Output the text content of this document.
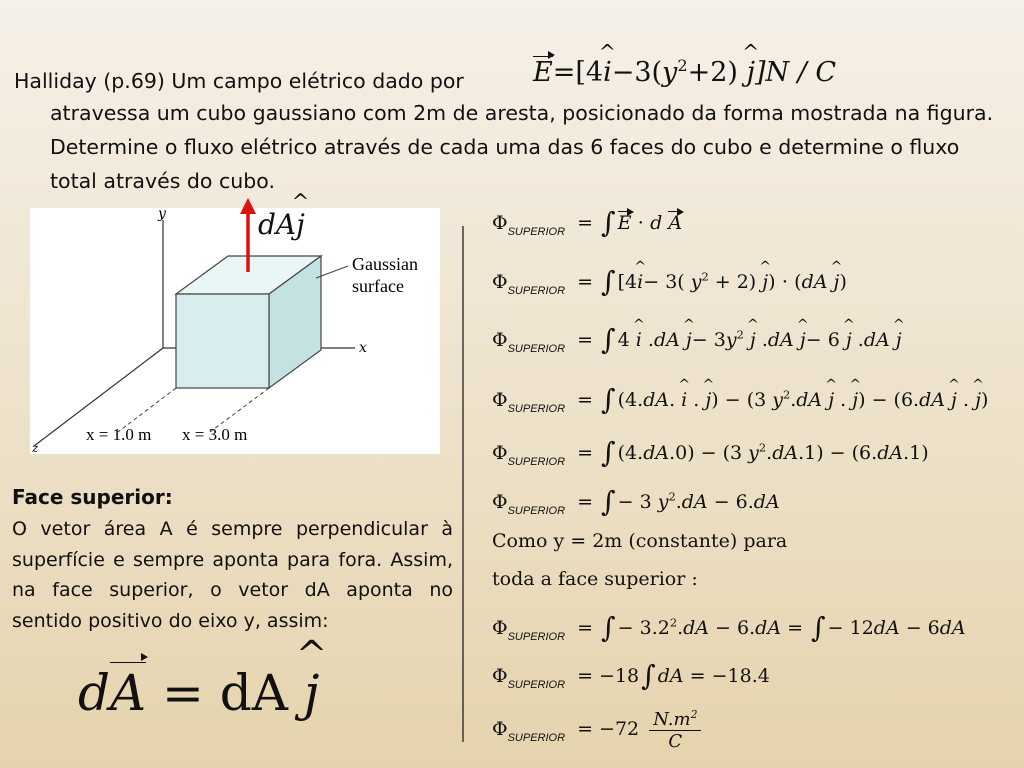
Halliday (p.69) Um campo elétrico dado por
atravessa um cubo gaussiano com 2m de aresta, posicionado da forma mostrada na figura. Determine o fluxo elétrico através de cada uma das 6 faces do cubo e determine o fluxo total através do cubo.
E=[4^ $i-3(y^2+2)$ ^ j]N / C
y
x
z
Gaussian
surface
x = 1.0 m x = 3.0 m
dA^ j
Face superior:
O vetor área A é sempre perpendicular à superfície e sempre aponta para fora. Assim, na face superior, o vetor dA aponta no sentido positivo do eixo y, assim:
dA = dA ^ j
$\Phi_{SUPERIOR}$ = ∫ E ⋅ d A
$\Phi_{SUPERIOR}$ = ∫ [4^ i− 3( $y^2 + 2$) ^ j) ⋅ (dA ^ j)
$\Phi_{SUPERIOR}$ = ∫ 4 ^ i .dA ^ $j- 3y^2$ ^ j .dA ^ j− 6 ^ j .dA ^ j
$\Phi_{SUPERIOR}$ = ∫ (4.dA. ^ i . ^ j) − (3 $y^2.dA$ ^ j . ^ j) − (6.dA ^ j . ^ j)
$\Phi_{SUPERIOR}$ = ∫ (4.dA.0) − (3 $y^2.dA.1) - (6.dA.1)$
$\Phi_{SUPERIOR}$ = ∫ − 3 $y^2.dA - 6.dA$
Como y = 2m (constante) para
toda a face superior :
$\Phi_{SUPERIOR}$ = ∫ − $3.2^2.dA - 6.dA$ = ∫ − 12dA − 6dA
$\Phi_{SUPERIOR} = -18\int$ dA = −18.4
$\Phi_{SUPERIOR} = -72 \frac{N.m^2}{C}$
